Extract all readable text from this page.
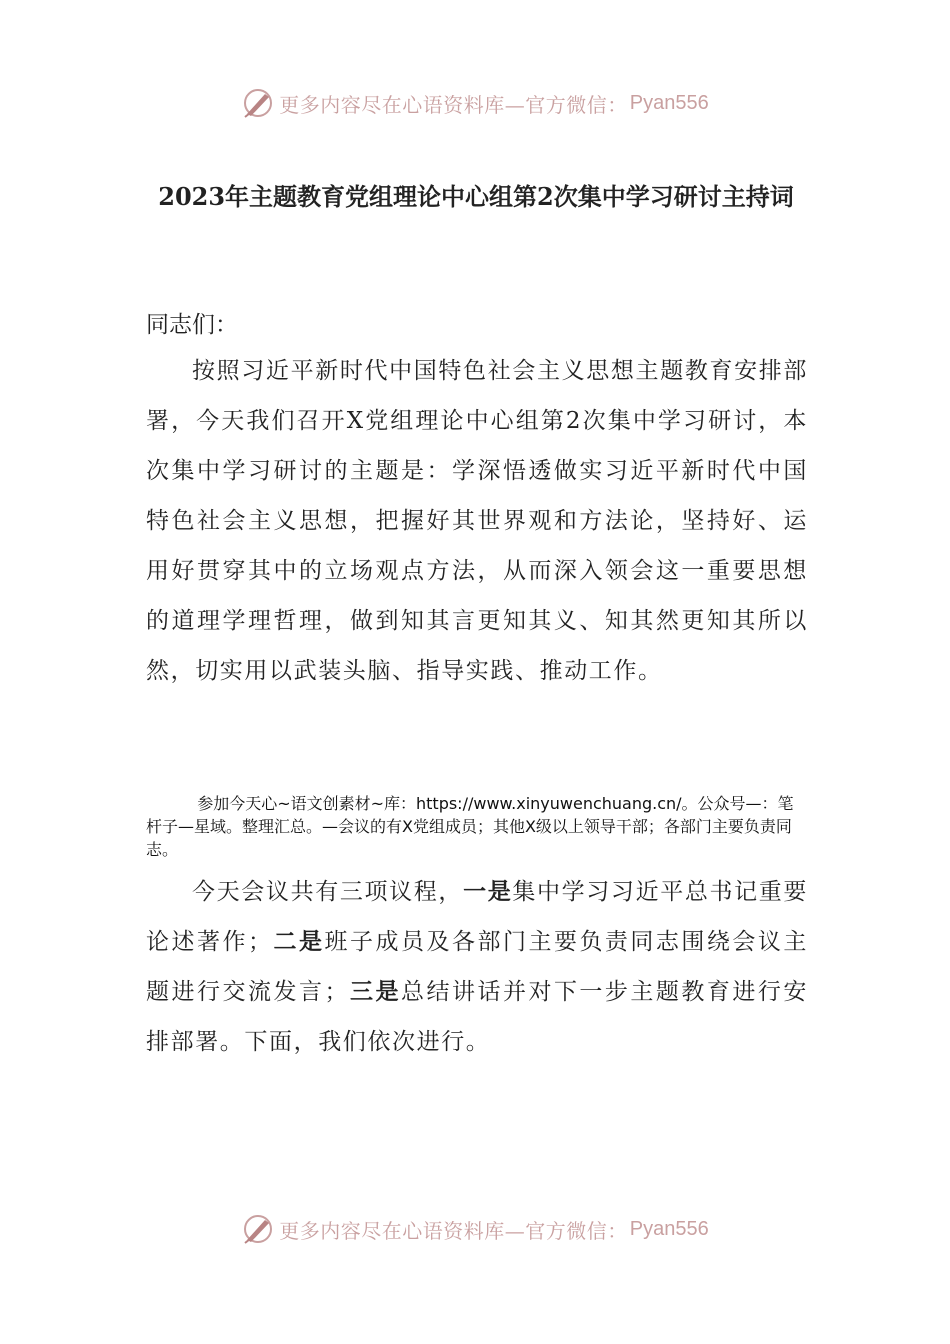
更多内容尽在心语资料库—官方微信： Pyan556
2023年主题教育党组理论中心组第2次集中学习研讨主持词
同志们：

按照习近平新时代中国特色社会主义思想主题教育安排部署，今天我们召开X党组理论中心组第2次集中学习研讨，本次集中学习研讨的主题是：学深悟透做实习近平新时代中国特色社会主义思想，把握好其世界观和方法论，坚持好、运用好贯穿其中的立场观点方法，从而深入领会这一重要思想的道理学理哲理，做到知其言更知其义、知其然更知其所以然，切实用以武装头脑、指导实践、推动工作。

参加今天心~语文创素材~库：https://www.xinyuwenchuang.cn/。公众号—：笔杆子—星域。整理汇总。—会议的有X党组成员；其他X级以上领导干部；各部门主要负责同志。

今天会议共有三项议程，一是集中学习习近平总书记重要论述著作；二是班子成员及各部门主要负责同志围绕会议主题进行交流发言；三是总结讲话并对下一步主题教育进行安排部署。下面，我们依次进行。

更多内容尽在心语资料库—官方微信： Pyan556
